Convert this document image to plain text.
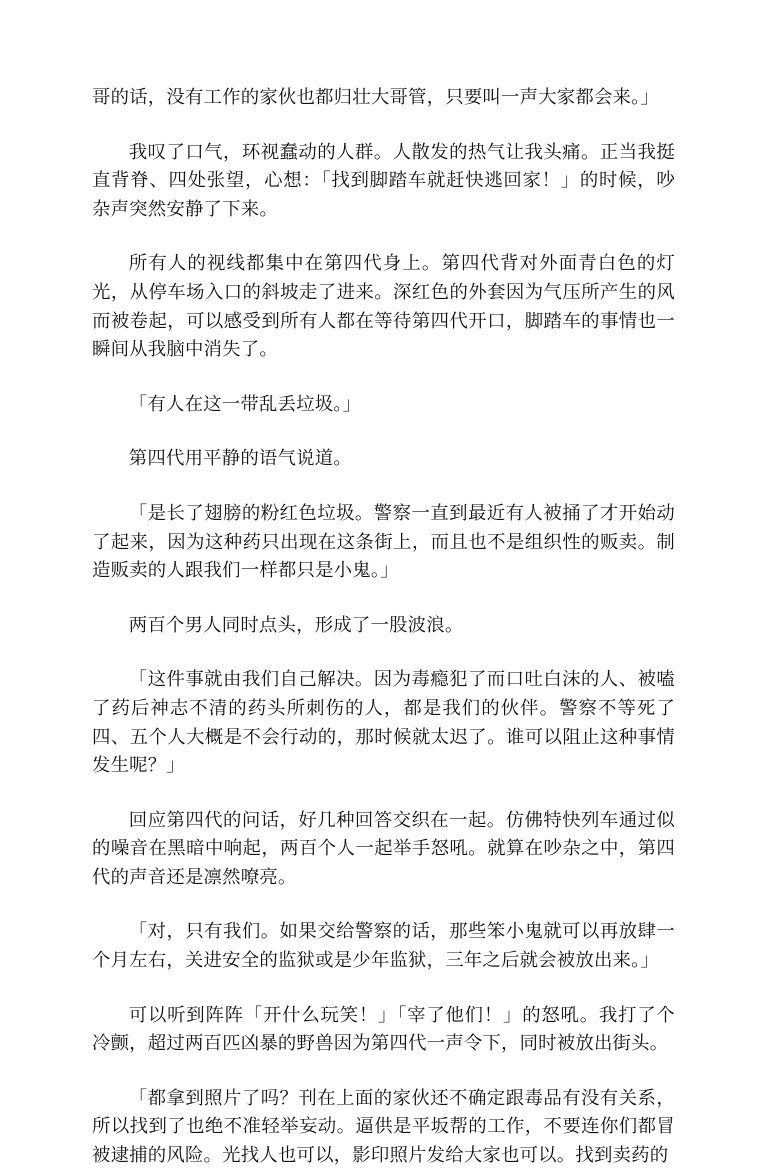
哥的话，没有工作的家伙也都归壮大哥管，只要叫一声大家都会来。」

我叹了口气，环视蠢动的人群。人散发的热气让我头痛。正当我挺直背脊、四处张望，心想：「找到脚踏车就赶快逃回家！」的时候，吵杂声突然安静了下来。

所有人的视线都集中在第四代身上。第四代背对外面青白色的灯光，从停车场入口的斜坡走了进来。深红色的外套因为气压所产生的风而被卷起，可以感受到所有人都在等待第四代开口，脚踏车的事情也一瞬间从我脑中消失了。

「有人在这一带乱丢垃圾。」

第四代用平静的语气说道。

「是长了翅膀的粉红色垃圾。警察一直到最近有人被捅了才开始动了起来，因为这种药只出现在这条街上，而且也不是组织性的贩卖。制造贩卖的人跟我们一样都只是小鬼。」

两百个男人同时点头，形成了一股波浪。

「这件事就由我们自己解决。因为毒瘾犯了而口吐白沫的人、被嗑了药后神志不清的药头所刺伤的人，都是我们的伙伴。警察不等死了四、五个人大概是不会行动的，那时候就太迟了。谁可以阻止这种事情发生呢？」

回应第四代的问话，好几种回答交织在一起。仿佛特快列车通过似的噪音在黑暗中响起，两百个人一起举手怒吼。就算在吵杂之中，第四代的声音还是凛然嘹亮。

「对，只有我们。如果交给警察的话，那些笨小鬼就可以再放肆一个月左右，关进安全的监狱或是少年监狱，三年之后就会被放出来。」

可以听到阵阵「开什么玩笑！」「宰了他们！」的怒吼。我打了个冷颤，超过两百匹凶暴的野兽因为第四代一声令下，同时被放出街头。

「都拿到照片了吗？刊在上面的家伙还不确定跟毒品有没有关系，所以找到了也绝不准轻举妄动。逼供是平坂帮的工作，不要连你们都冒被逮捕的风险。光找人也可以，影印照片发给大家也可以。找到卖药的
